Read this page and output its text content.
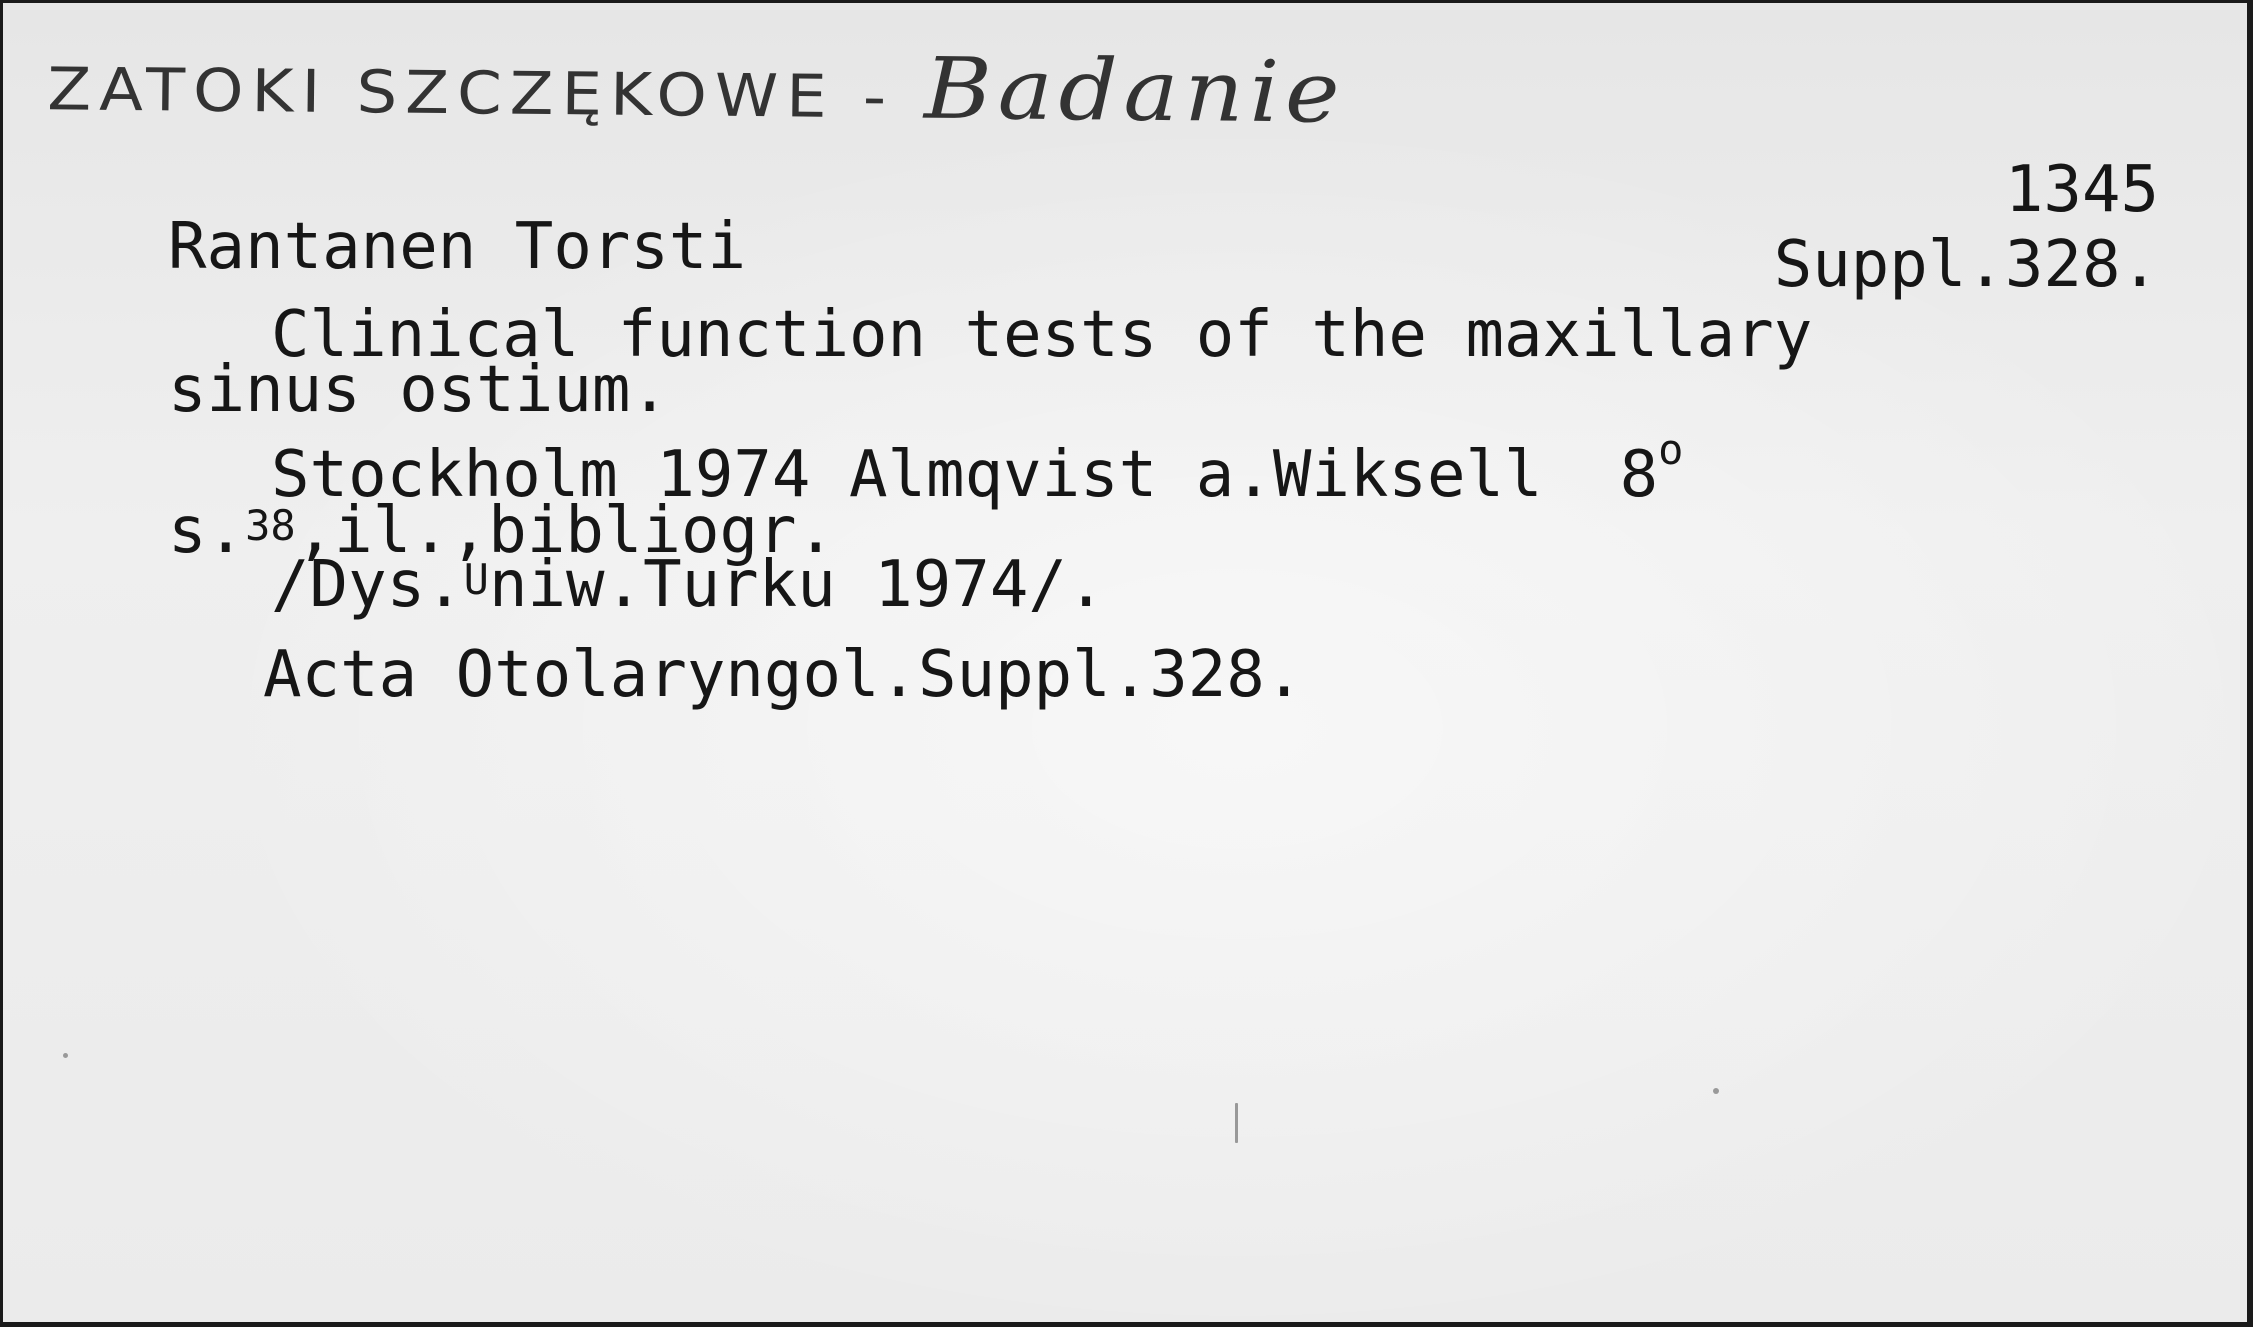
ZATOKI SZCZĘKOWE - Badanie
1345
Suppl.328.
Rantanen Torsti
Clinical function tests of the maxillary
sinus ostium.
Stockholm 1974 Almqvist a.Wiksell 8$^o$
s.38,il.,bibliogr.
/Dys.Uniw.Turku 1974/.
Acta Otolaryngol.Suppl.328.
